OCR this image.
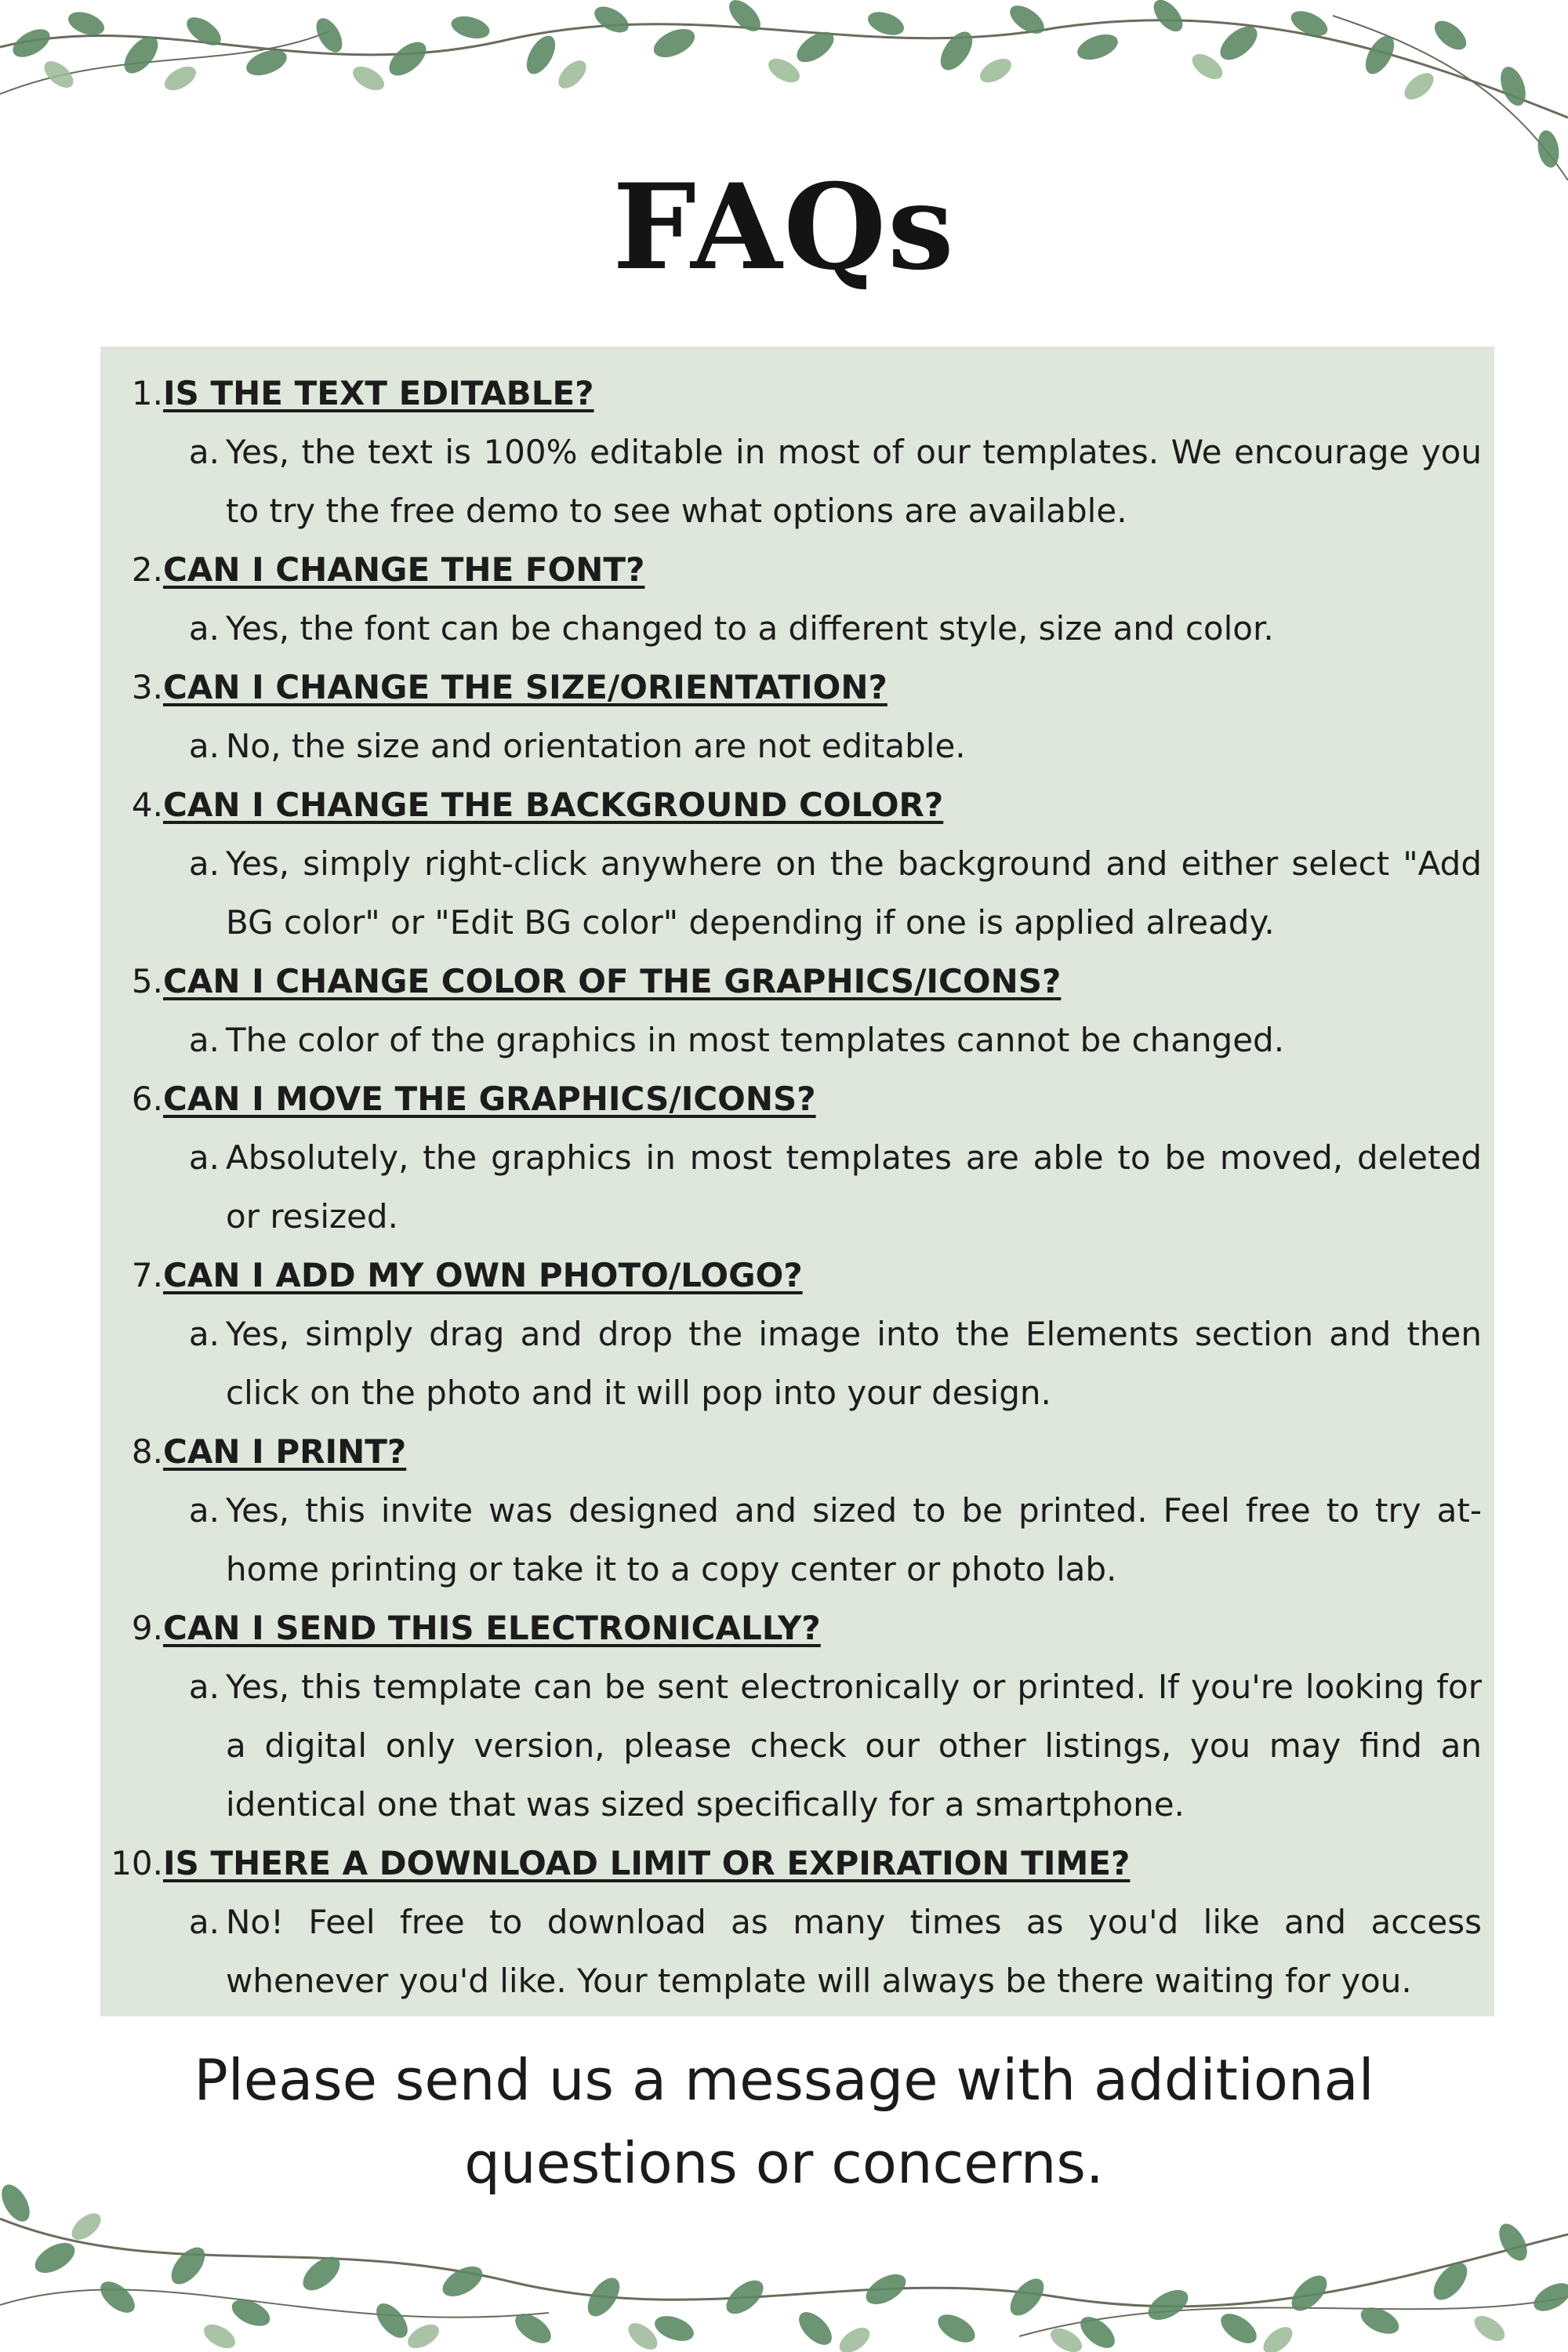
FAQs
1. IS THE TEXT EDITABLE?
a. Yes, the text is 100% editable in most of our templates. We encourage you to try the free demo to see what options are available.
2. CAN I CHANGE THE FONT?
a. Yes, the font can be changed to a different style, size and color.
3. CAN I CHANGE THE SIZE/ORIENTATION?
a. No, the size and orientation are not editable.
4. CAN I CHANGE THE BACKGROUND COLOR?
a. Yes, simply right-click anywhere on the background and either select "Add BG color" or "Edit BG color" depending if one is applied already.
5. CAN I CHANGE COLOR OF THE GRAPHICS/ICONS?
a. The color of the graphics in most templates cannot be changed.
6. CAN I MOVE THE GRAPHICS/ICONS?
a. Absolutely, the graphics in most templates are able to be moved, deleted or resized.
7. CAN I ADD MY OWN PHOTO/LOGO?
a. Yes, simply drag and drop the image into the Elements section and then click on the photo and it will pop into your design.
8. CAN I PRINT?
a. Yes, this invite was designed and sized to be printed. Feel free to try at-home printing or take it to a copy center or photo lab.
9. CAN I SEND THIS ELECTRONICALLY?
a. Yes, this template can be sent electronically or printed. If you're looking for a digital only version, please check our other listings, you may find an identical one that was sized specifically for a smartphone.
10. IS THERE A DOWNLOAD LIMIT OR EXPIRATION TIME?
a. No! Feel free to download as many times as you'd like and access whenever you'd like. Your template will always be there waiting for you.

Please send us a message with additional
questions or concerns.
